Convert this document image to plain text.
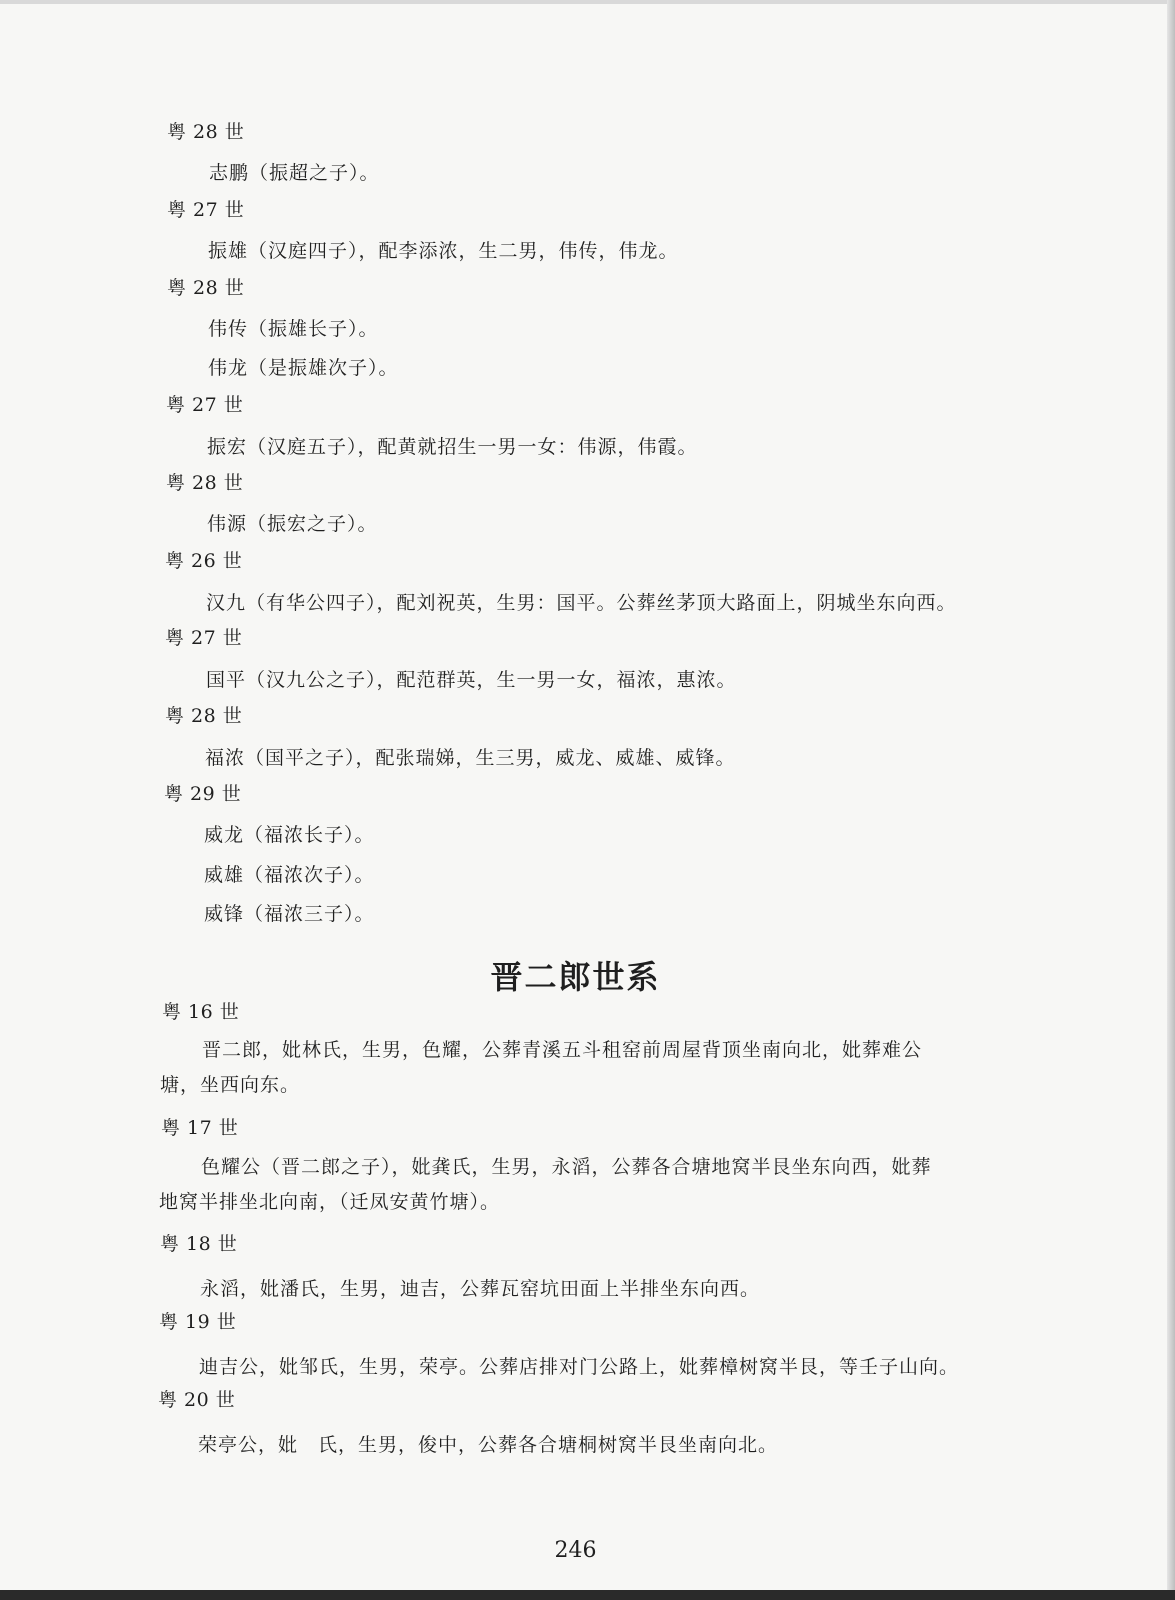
粤 28 世
志鹏（振超之子）。
粤 27 世
振雄（汉庭四子），配李添浓，生二男，伟传，伟龙。
粤 28 世
伟传（振雄长子）。
伟龙（是振雄次子）。
粤 27 世
振宏（汉庭五子），配黄就招生一男一女：伟源，伟霞。
粤 28 世
伟源（振宏之子）。
粤 26 世
汉九（有华公四子），配刘祝英，生男：国平。公葬丝茅顶大路面上，阴城坐东向西。
粤 27 世
国平（汉九公之子），配范群英，生一男一女，福浓，惠浓。
粤 28 世
福浓（国平之子），配张瑞娣，生三男，威龙、威雄、威锋。
粤 29 世
威龙（福浓长子）。
威雄（福浓次子）。
威锋（福浓三子）。
晋二郎世系
粤 16 世
晋二郎，妣林氏，生男，色耀，公葬青溪五斗租窑前周屋背顶坐南向北，妣葬难公塘，坐西向东。
粤 17 世
色耀公（晋二郎之子），妣龚氏，生男，永滔，公葬各合塘地窝半艮坐东向西，妣葬地窝半排坐北向南，（迁凤安黄竹塘）。
粤 18 世
永滔，妣潘氏，生男，迪吉，公葬瓦窑坑田面上半排坐东向西。
粤 19 世
迪吉公，妣邹氏，生男，荣亭。公葬店排对门公路上，妣葬樟树窝半艮，等壬子山向。
粤 20 世
荣亭公，妣　氏，生男，俊中，公葬各合塘桐树窝半艮坐南向北。
246
